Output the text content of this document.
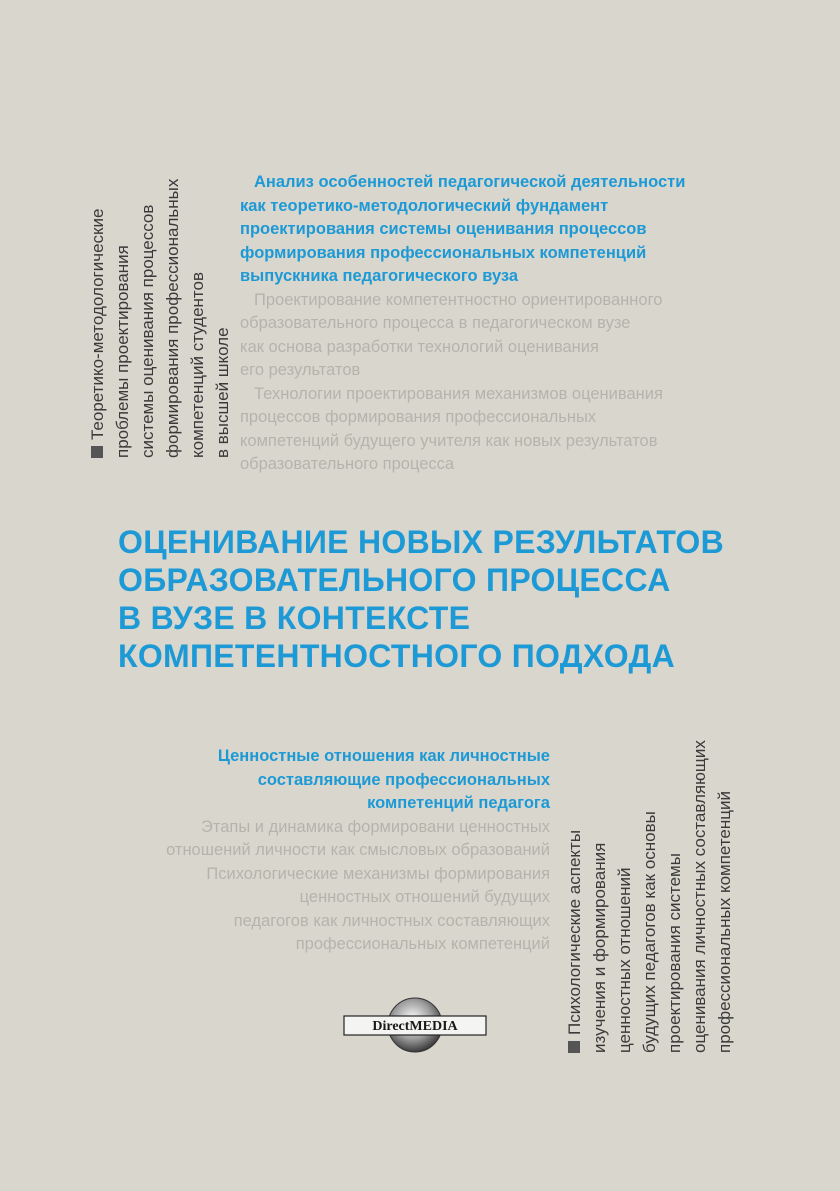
Теоретико-методологические проблемы проектирования системы оценивания процессов формирования профессиональных компетенций студентов в высшей школе
Анализ особенностей педагогической деятельности
как теоретико-методологический фундамент
проектирования системы оценивания процессов
формирования профессиональных компетенций
выпускника педагогического вуза
Проектирование компетентностно ориентированного
образовательного процесса в педагогическом вузе
как основа разработки технологий оценивания
его результатов
Технологии проектирования механизмов оценивания
процессов формирования профессиональных
компетенций будущего учителя как новых результатов
образовательного процесса
ОЦЕНИВАНИЕ НОВЫХ РЕЗУЛЬТАТОВ
ОБРАЗОВАТЕЛЬНОГО ПРОЦЕССА
В ВУЗЕ В КОНТЕКСТЕ
КОМПЕТЕНТНОСТНОГО ПОДХОДА
Ценностные отношения как личностные
составляющие профессиональных
компетенций педагога
Этапы и динамика формировани ценностных
отношений личности как смысловых образований
Психологические механизмы формирования
ценностных отношений будущих
педагогов как личностных составляющих
профессиональных компетенций Психологические аспекты изучения и формирования ценностных отношений будущих педагогов как основы проектирования системы оценивания личностных составляющих профессиональных компетенций
DirectMEDIA
